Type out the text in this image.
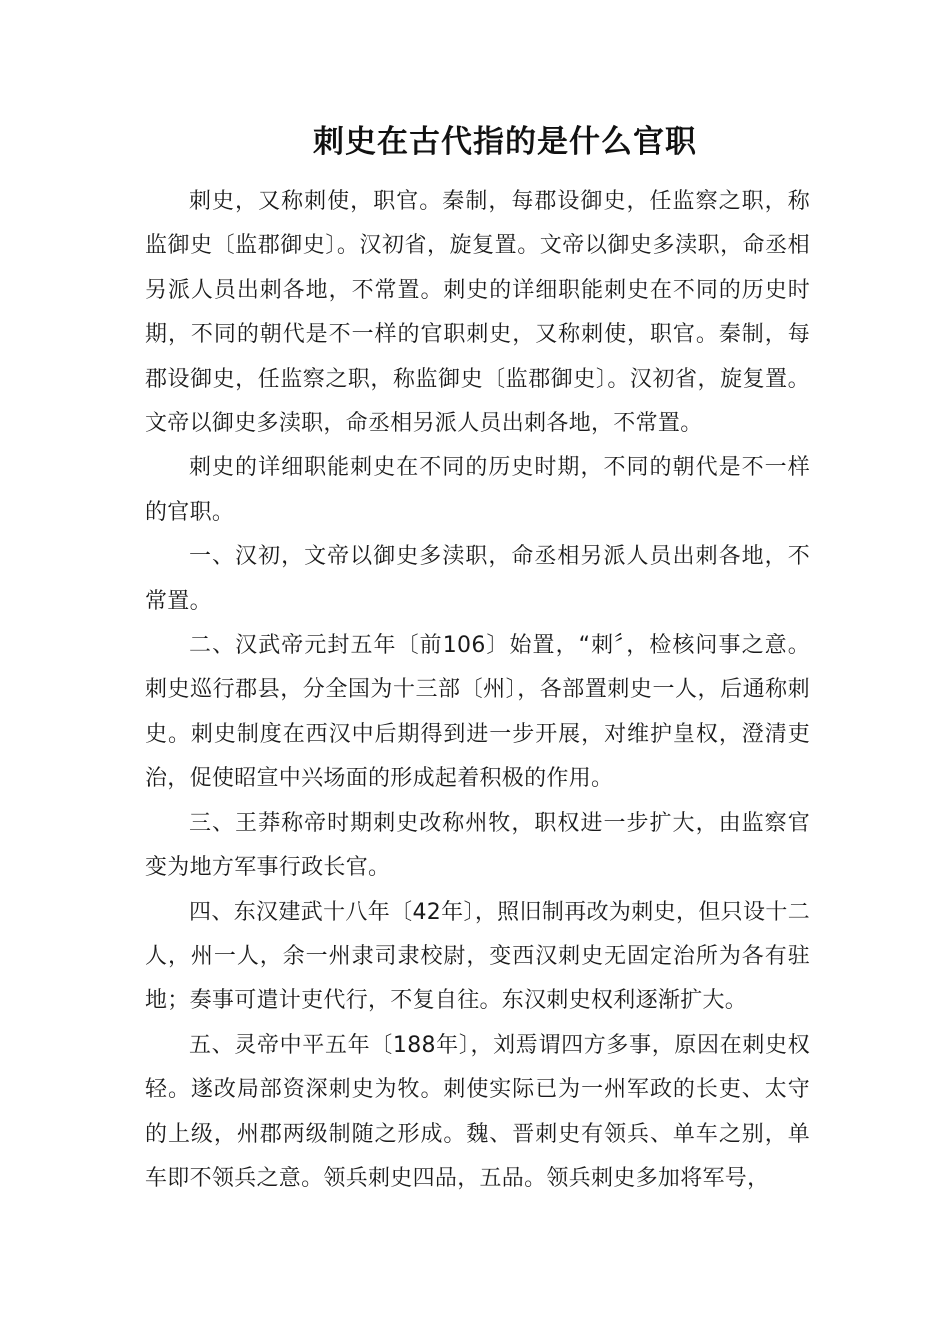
刺史在古代指的是什么官职

刺史，又称刺使，职官。秦制，每郡设御史，任监察之职，称监御史〔监郡御史〕。汉初省，旋复置。文帝以御史多渎职，命丞相另派人员出刺各地，不常置。刺史的详细职能刺史在不同的历史时期，不同的朝代是不一样的官职刺史，又称刺使，职官。秦制，每郡设御史，任监察之职，称监御史〔监郡御史〕。汉初省，旋复置。文帝以御史多渎职，命丞相另派人员出刺各地，不常置。

刺史的详细职能刺史在不同的历史时期，不同的朝代是不一样的官职。

一、汉初，文帝以御史多渎职，命丞相另派人员出刺各地，不常置。

二、汉武帝元封五年〔前106〕始置，“刺〞，检核问事之意。刺史巡行郡县，分全国为十三部〔州〕，各部置刺史一人，后通称刺史。刺史制度在西汉中后期得到进一步开展，对维护皇权，澄清吏治，促使昭宣中兴场面的形成起着积极的作用。

三、王莽称帝时期刺史改称州牧，职权进一步扩大，由监察官变为地方军事行政长官。

四、东汉建武十八年〔42年〕，照旧制再改为刺史，但只设十二人，州一人，余一州隶司隶校尉，变西汉刺史无固定治所为各有驻地；奏事可遣计吏代行，不复自往。东汉刺史权利逐渐扩大。

五、灵帝中平五年〔188年〕，刘焉谓四方多事，原因在刺史权轻。遂改局部资深刺史为牧。刺使实际已为一州军政的长吏、太守的上级，州郡两级制随之形成。魏、晋刺史有领兵、单车之别，单车即不领兵之意。领兵刺史四品，五品。领兵刺史多加将军号，
